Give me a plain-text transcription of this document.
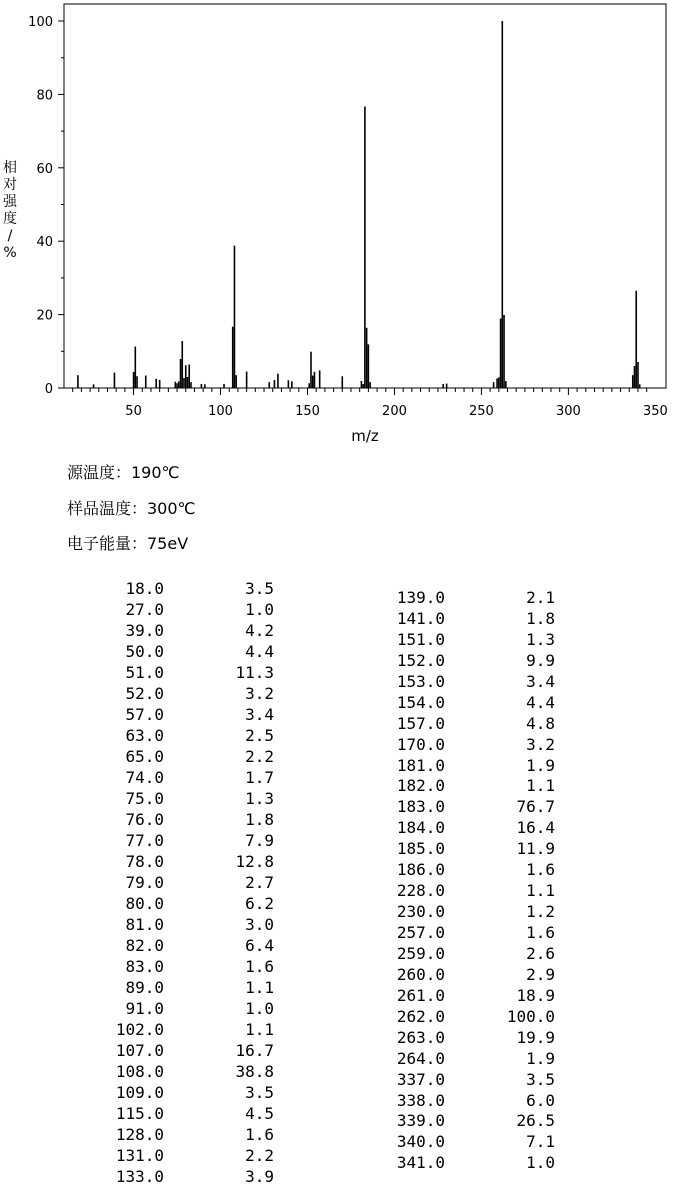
50	100	150	200	250	300	350
0
20
40
60
80
100
m/z
相对强度/ %
源温度：190℃
样品温度：300℃
电子能量：75eV
18.0	3.5
27.0	1.0
39.0	4.2
50.0	4.4
51.0	11.3
52.0	3.2
57.0	3.4
63.0	2.5
65.0	2.2
74.0	1.7
75.0	1.3
76.0	1.8
77.0	7.9
78.0	12.8
79.0	2.7
80.0	6.2
81.0	3.0
82.0	6.4
83.0	1.6
89.0	1.1
91.0	1.0
102.0	1.1
107.0	16.7
108.0	38.8
109.0	3.5
115.0	4.5
128.0	1.6
131.0	2.2
133.0	3.9
139.0	2.1
141.0	1.8
151.0	1.3
152.0	9.9
153.0	3.4
154.0	4.4
157.0	4.8
170.0	3.2
181.0	1.9
182.0	1.1
183.0	76.7
184.0	16.4
185.0	11.9
186.0	1.6
228.0	1.1
230.0	1.2
257.0	1.6
259.0	2.6
260.0	2.9
261.0	18.9
262.0	100.0
263.0	19.9
264.0	1.9
337.0	3.5
338.0	6.0
339.0	26.5
340.0	7.1
341.0	1.0
